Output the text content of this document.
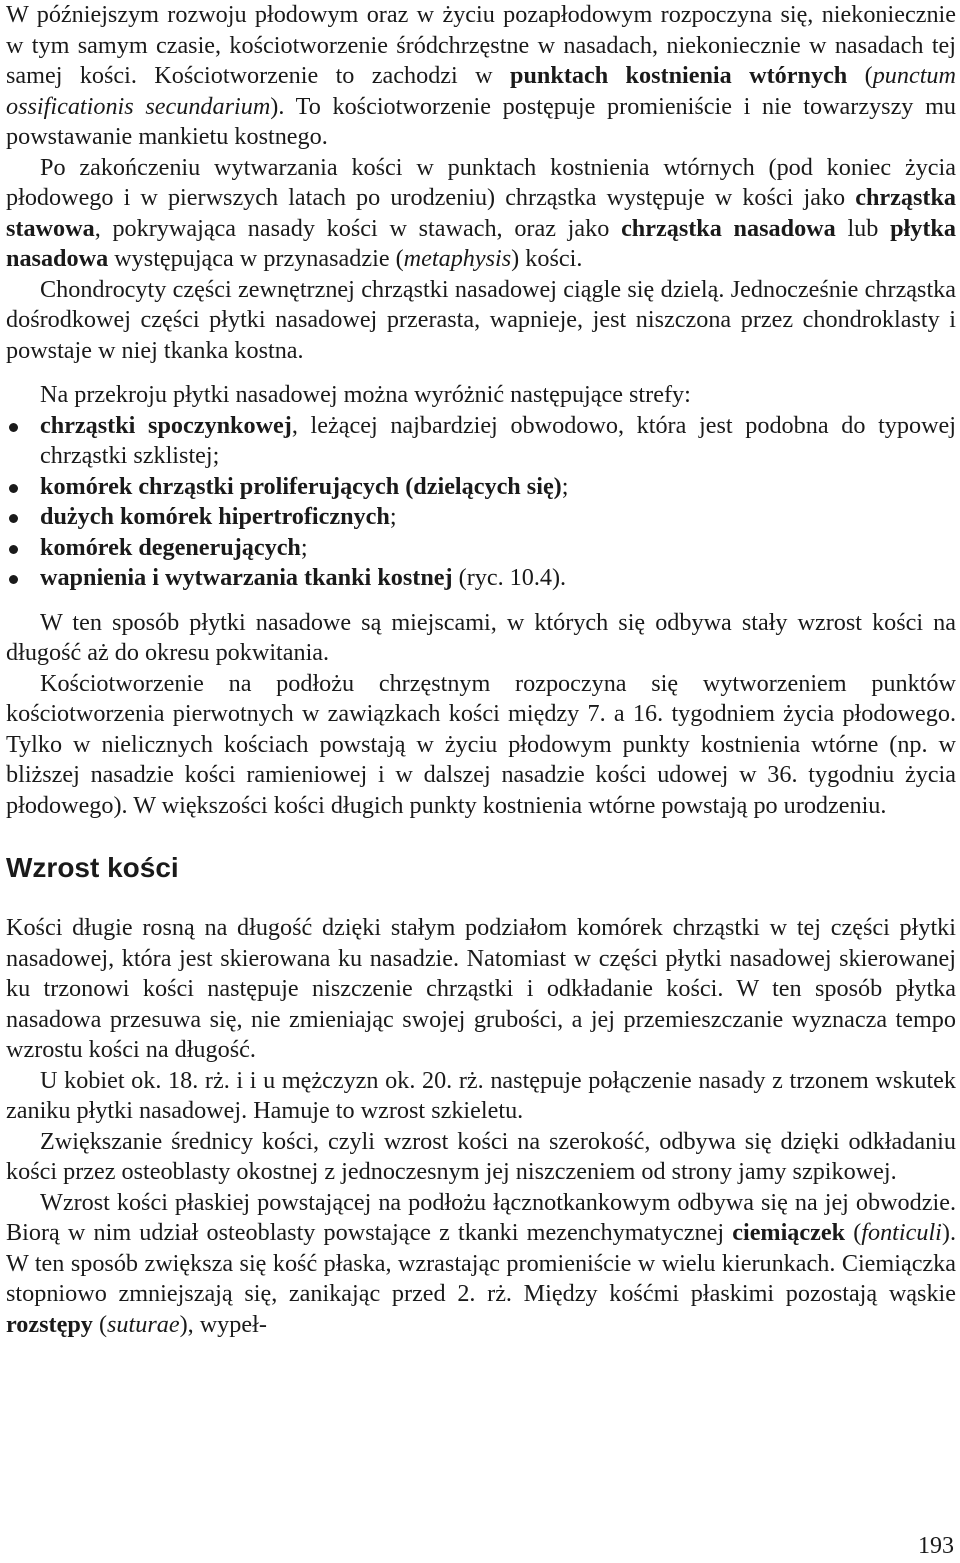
W późniejszym rozwoju płodowym oraz w życiu pozapłodowym rozpoczyna się, niekoniecznie w tym samym czasie, kościotworzenie śródchrzęstne w nasadach, niekoniecznie w nasadach tej samej kości. Kościotworzenie to zachodzi w punktach kostnienia wtórnych (punctum ossificationis secundarium). To kościotworzenie postępuje promieniście i nie towarzyszy mu powstawanie mankietu kostnego.

Po zakończeniu wytwarzania kości w punktach kostnienia wtórnych (pod koniec życia płodowego i w pierwszych latach po urodzeniu) chrząstka występuje w kości jako chrząstka stawowa, pokrywająca nasady kości w stawach, oraz jako chrząstka nasadowa lub płytka nasadowa występująca w przynasadzie (metaphysis) kości.

Chondrocyty części zewnętrznej chrząstki nasadowej ciągle się dzielą. Jednocześnie chrząstka dośrodkowej części płytki nasadowej przerasta, wapnieje, jest niszczona przez chondroklasty i powstaje w niej tkanka kostna.

Na przekroju płytki nasadowej można wyróżnić następujące strefy:

chrząstki spoczynkowej, leżącej najbardziej obwodowo, która jest podobna do typowej chrząstki szklistej;
komórek chrząstki proliferujących (dzielących się);
dużych komórek hipertroficznych;
komórek degenerujących;
wapnienia i wytwarzania tkanki kostnej (ryc. 10.4).

W ten sposób płytki nasadowe są miejscami, w których się odbywa stały wzrost kości na długość aż do okresu pokwitania.

Kościotworzenie na podłożu chrzęstnym rozpoczyna się wytworzeniem punktów kościotworzenia pierwotnych w zawiązkach kości między 7. a 16. tygodniem życia płodowego. Tylko w nielicznych kościach powstają w życiu płodowym punkty kostnienia wtórne (np. w bliższej nasadzie kości ramieniowej i w dalszej nasadzie kości udowej w 36. tygodniu życia płodowego). W większości kości długich punkty kostnienia wtórne powstają po urodzeniu.

Wzrost kości

Kości długie rosną na długość dzięki stałym podziałom komórek chrząstki w tej części płytki nasadowej, która jest skierowana ku nasadzie. Natomiast w części płytki nasadowej skierowanej ku trzonowi kości następuje niszczenie chrząstki i odkładanie kości. W ten sposób płytka nasadowa przesuwa się, nie zmieniając swojej grubości, a jej przemieszczanie wyznacza tempo wzrostu kości na długość.

U kobiet ok. 18. rż. i i u mężczyzn ok. 20. rż. następuje połączenie nasady z trzonem wskutek zaniku płytki nasadowej. Hamuje to wzrost szkieletu.

Zwiększanie średnicy kości, czyli wzrost kości na szerokość, odbywa się dzięki odkładaniu kości przez osteoblasty okostnej z jednoczesnym jej niszczeniem od strony jamy szpikowej.

Wzrost kości płaskiej powstającej na podłożu łącznotkankowym odbywa się na jej obwodzie. Biorą w nim udział osteoblasty powstające z tkanki mezenchymatycznej ciemiączek (fonticuli). W ten sposób zwiększa się kość płaska, wzrastając promieniście w wielu kierunkach. Ciemiączka stopniowo zmniejszają się, zanikając przed 2. rż. Między kośćmi płaskimi pozostają wąskie rozstępy (suturae), wypeł-

193
